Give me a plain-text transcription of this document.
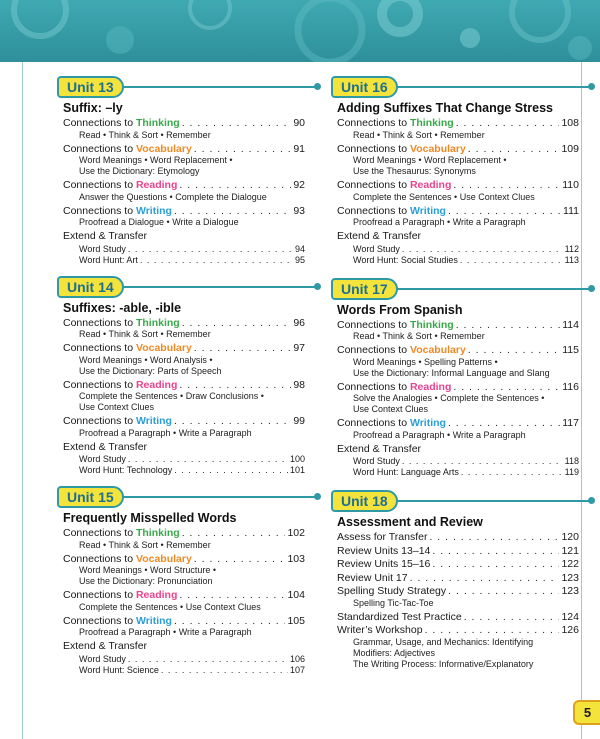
Unit 13
Suffix: –ly
Connections to Thinking . . .	90
Read • Think & Sort • Remember
Connections to Vocabulary . . .	91
Word Meanings • Word Replacement •
Use the Dictionary: Etymology
Connections to Reading . . .	92
Answer the Questions • Complete the Dialogue
Connections to Writing . . .	93
Proofread a Dialogue • Write a Dialogue
Extend & Transfer
Word Study . . .	94
Word Hunt: Art . . .	95
Unit 14
Suffixes: -able, -ible
Connections to Thinking . . .	96
Read • Think & Sort • Remember
Connections to Vocabulary . . .	97
Word Meanings • Word Analysis •
Use the Dictionary: Parts of Speech
Connections to Reading . . .	98
Complete the Sentences • Draw Conclusions •
Use Context Clues
Connections to Writing . . .	99
Proofread a Paragraph • Write a Paragraph
Extend & Transfer
Word Study . . .	100
Word Hunt: Technology . . .	101
Unit 15
Frequently Misspelled Words
Connections to Thinking . . .	102
Read • Think & Sort • Remember
Connections to Vocabulary . . .	103
Word Meanings • Word Structure •
Use the Dictionary: Pronunciation
Connections to Reading . . .	104
Complete the Sentences • Use Context Clues
Connections to Writing . . .	105
Proofread a Paragraph • Write a Paragraph
Extend & Transfer
Word Study . . .	106
Word Hunt: Science . . .	107
Unit 16
Adding Suffixes That Change Stress
Connections to Thinking . . .	108
Read • Think & Sort • Remember
Connections to Vocabulary . . .	109
Word Meanings • Word Replacement •
Use the Thesaurus: Synonyms
Connections to Reading . . .	110
Complete the Sentences • Use Context Clues
Connections to Writing . . .	111
Proofread a Paragraph • Write a Paragraph
Extend & Transfer
Word Study . . .	112
Word Hunt: Social Studies . . .	113
Unit 17
Words From Spanish
Connections to Thinking . . .	114
Read • Think & Sort • Remember
Connections to Vocabulary . . .	115
Word Meanings • Spelling Patterns •
Use the Dictionary: Informal Language and Slang
Connections to Reading . . .	116
Solve the Analogies • Complete the Sentences •
Use Context Clues
Connections to Writing . . .	117
Proofread a Paragraph • Write a Paragraph
Extend & Transfer
Word Study . . .	118
Word Hunt: Language Arts . . .	119
Unit 18
Assessment and Review
Assess for Transfer . . .	120
Review Units 13–14 . . .	121
Review Units 15–16 . . .	122
Review Unit 17 . . .	123
Spelling Study Strategy . . .	123
Spelling Tic-Tac-Toe
Standardized Test Practice . . .	124
Writer’s Workshop . . .	126
Grammar, Usage, and Mechanics: Identifying
Modifiers: Adjectives
The Writing Process: Informative/Explanatory
5
